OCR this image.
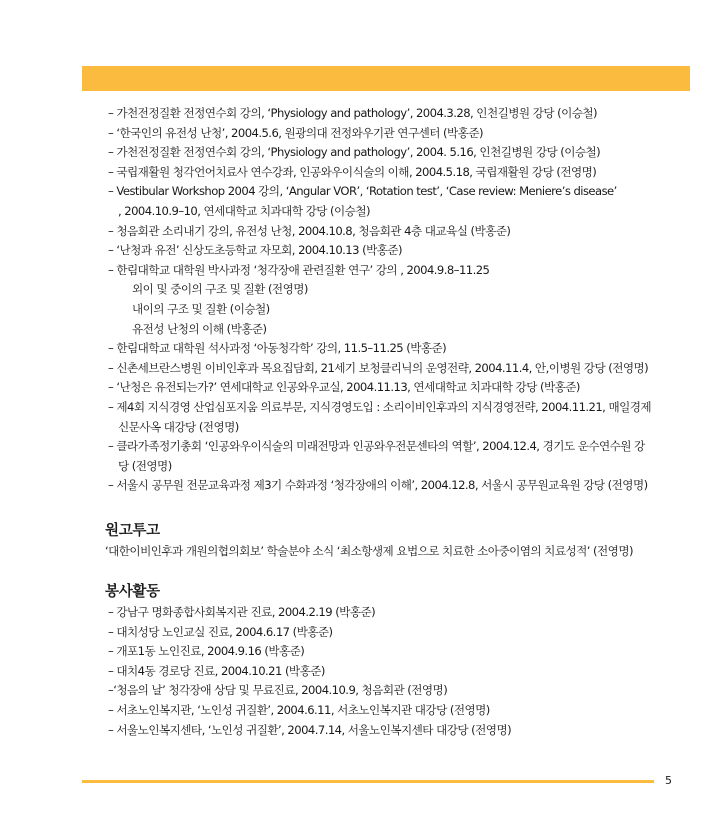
– 가천전정질환 전정연수회 강의, ‘Physiology and pathology’, 2004.3.28, 인천길병원 강당 (이승철)
– ‘한국인의 유전성 난청’, 2004.5.6, 원광의대 전정와우기관 연구센터 (박홍준)
– 가천전정질환 전정연수회 강의, ‘Physiology and pathology’, 2004. 5.16, 인천길병원 강당 (이승철)
– 국립재활원 청각언어치료사 연수강좌, 인공와우이식술의 이해, 2004.5.18, 국립재활원 강당 (전영명)
– Vestibular Workshop 2004 강의, ‘Angular VOR’, ‘Rotation test’, ‘Case review: Meniere’s disease’
, 2004.10.9–10, 연세대학교 치과대학 강당 (이승철)
– 청음회관 소리내기 강의, 유전성 난청, 2004.10.8, 청음회관 4층 대교육실 (박홍준)
– ‘난청과 유전’ 신상도초등학교 자모회, 2004.10.13 (박홍준)
– 한림대학교 대학원 박사과정 ‘청각장애 관련질환 연구’ 강의 , 2004.9.8–11.25
외이 및 중이의 구조 및 질환 (전영명)
내이의 구조 및 질환 (이승철)
유전성 난청의 이해 (박홍준)
– 한림대학교 대학원 석사과정 ‘아동청각학’ 강의, 11.5–11.25 (박홍준)
– 신촌세브란스병원 이비인후과 목요집담회, 21세기 보청클리닉의 운영전략, 2004.11.4, 안,이병원 강당 (전영명)
– ‘난청은 유전되는가?’ 연세대학교 인공와우교실, 2004.11.13, 연세대학교 치과대학 강당 (박홍준)
– 제4회 지식경영 산업심포지움 의료부문, 지식경영도입 : 소리이비인후과의 지식경영전략, 2004.11.21, 매일경제
신문사옥 대강당 (전영명)
– 클라가족정기총회 ‘인공와우이식술의 미래전망과 인공와우전문센타의 역할’, 2004.12.4, 경기도 운수연수원 강
당 (전영명)
– 서울시 공무원 전문교육과정 제3기 수화과정 ‘청각장애의 이해’, 2004.12.8, 서울시 공무원교육원 강당 (전영명)
원고투고
‘대한이비인후과 개원의협의회보’ 학술분야 소식 ‘최소항생제 요법으로 치료한 소아중이염의 치료성적’ (전영명)
봉사활동
– 강남구 명화종합사회복지관 진료, 2004.2.19 (박홍준)
– 대치성당 노인교실 진료, 2004.6.17 (박홍준)
– 개포1동 노인진료, 2004.9.16 (박홍준)
– 대치4동 경로당 진료, 2004.10.21 (박홍준)
–‘청음의 날’ 청각장애 상담 및 무료진료, 2004.10.9, 청음회관 (전영명)
– 서초노인복지관, ‘노인성 귀질환’, 2004.6.11, 서초노인복지관 대강당 (전영명)
– 서울노인복지센타, ‘노인성 귀질환’, 2004.7.14, 서울노인복지센타 대강당 (전영명)
5
